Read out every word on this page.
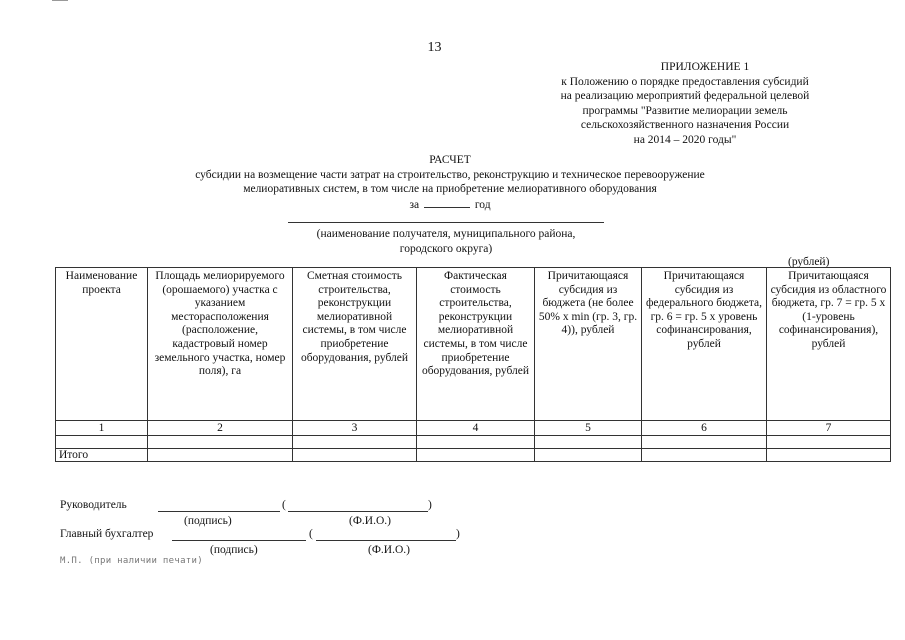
13
ПРИЛОЖЕНИЕ 1
к Положению о порядке предоставления субсидий
на реализацию мероприятий федеральной целевой
программы "Развитие мелиорации земель
сельскохозяйственного назначения России
на 2014 – 2020 годы"
РАСЧЕТ
субсидии на возмещение части затрат на строительство, реконструкцию и техническое перевооружение
мелиоративных систем, в том числе на приобретение мелиоративного оборудования
за	год
(наименование получателя, муниципального района,
городского округа)
(рублей)
Наименование проекта	Площадь мелиорируемого (орошаемого) участка с указанием месторасположения (расположение, кадастровый номер земельного участка, номер поля), га	Сметная стоимость строительства, реконструкции мелиоративной системы, в том числе приобретение оборудования, рублей	Фактическая стоимость строительства, реконструкции мелиоративной системы, в том числе приобретение оборудования, рублей	Причитающаяся субсидия из бюджета (не более 50% x min (гр. 3, гр. 4)), рублей	Причитающаяся субсидия из федерального бюджета, гр. 6 = гр. 5 x уровень софинансирования, рублей	Причитающаяся субсидия из областного бюджета, гр. 7 = гр. 5 x (1-уровень софинансирования), рублей
1	2	3	4	5	6	7

Итого						
Руководитель	(	)
(подпись)	(Ф.И.О.)
Главный бухгалтер	(	)
(подпись)	(Ф.И.О.)
М.П. (при наличии печати)
